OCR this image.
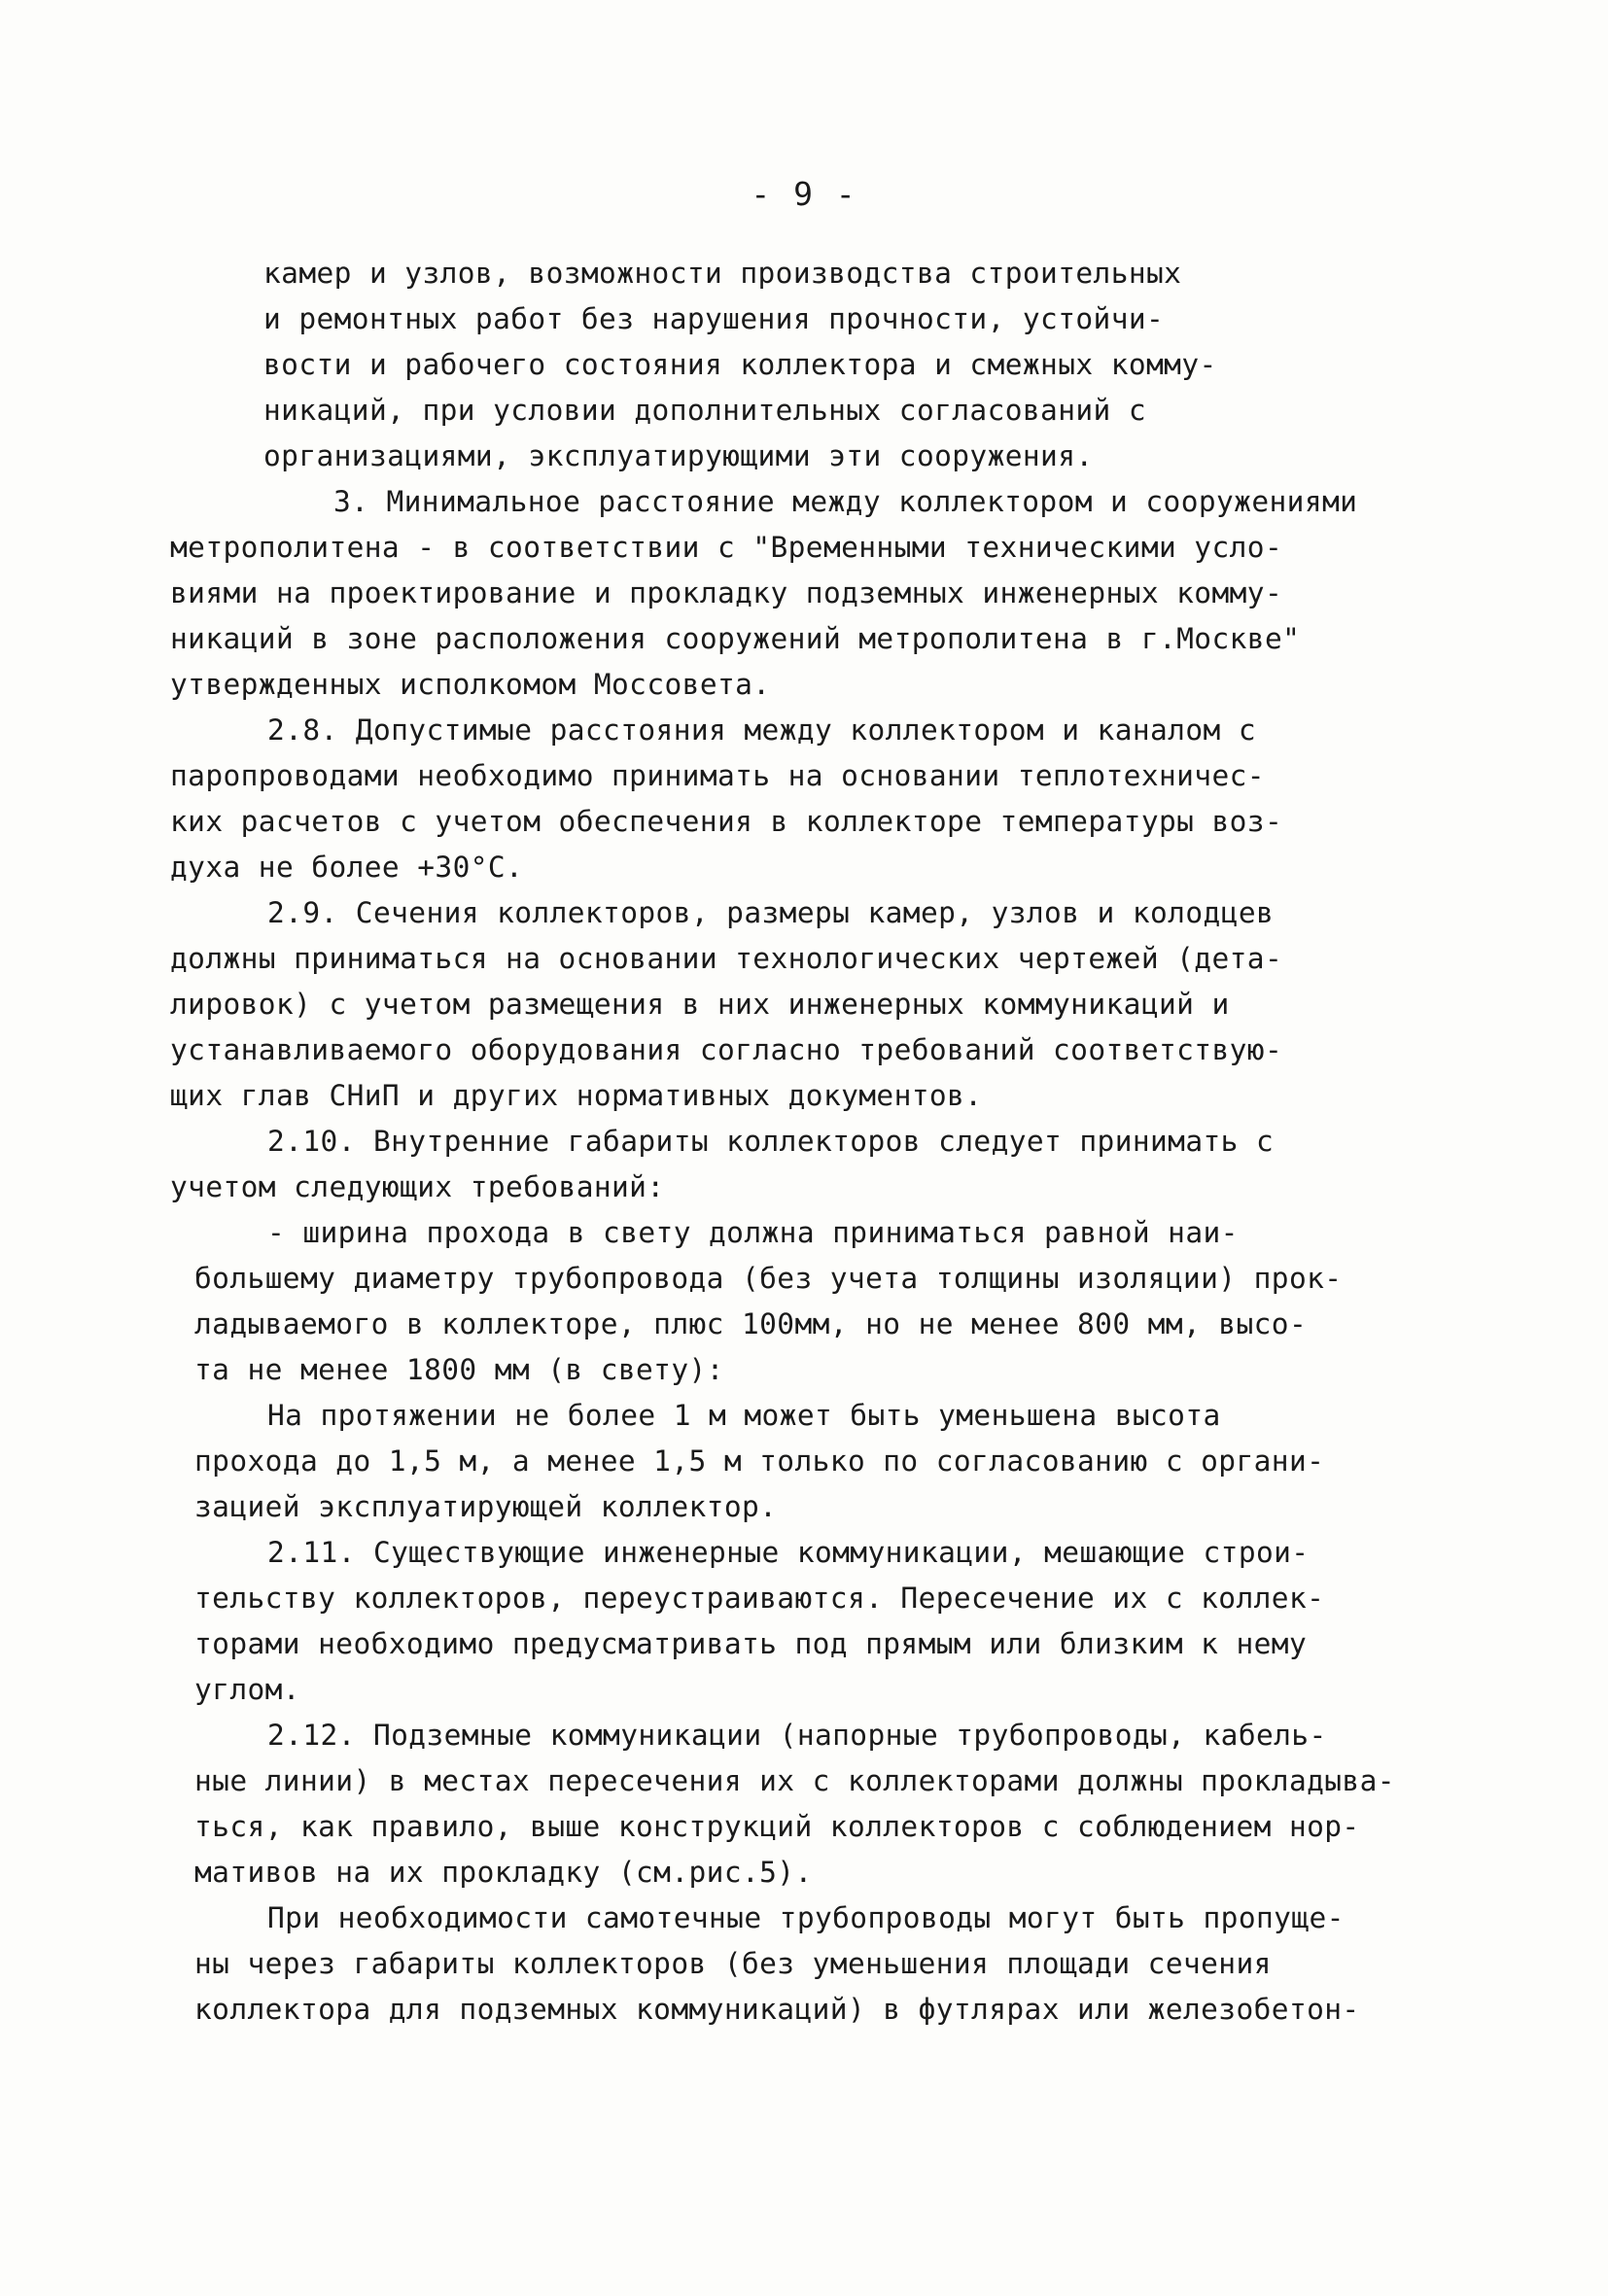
- 9 -
камер и узлов, возможности производства строительных
и ремонтных работ без нарушения прочности, устойчи-
вости и рабочего состояния коллектора и смежных комму-
никаций, при условии дополнительных согласований с
организациями, эксплуатирующими эти сооружения.
3. Минимальное расстояние между коллектором и сооружениями
метрополитена - в соответствии с "Временными техническими усло-
виями на проектирование и прокладку подземных инженерных комму-
никаций в зоне расположения сооружений метрополитена в г.Москве"
утвержденных исполкомом Моссовета.
2.8. Допустимые расстояния между коллектором и каналом с
паропроводами необходимо принимать на основании теплотехничес-
ких расчетов с учетом обеспечения в коллекторе температуры воз-
духа не более +30°С.
2.9. Сечения коллекторов, размеры камер, узлов и колодцев
должны приниматься на основании технологических чертежей (дета-
лировок) с учетом размещения в них инженерных коммуникаций и
устанавливаемого оборудования согласно требований соответствую-
щих глав СНиП и других нормативных документов.
2.10. Внутренние габариты коллекторов следует принимать с
учетом следующих требований:
- ширина прохода в свету должна приниматься равной наи-
большему диаметру трубопровода (без учета толщины изоляции) прок-
ладываемого в коллекторе, плюс 100мм, но не менее 800 мм, высо-
та не менее 1800 мм (в свету):
На протяжении не более 1 м может быть уменьшена высота
прохода до 1,5 м, а менее 1,5 м только по согласованию с органи-
зацией эксплуатирующей коллектор.
2.11. Существующие инженерные коммуникации, мешающие строи-
тельству коллекторов, переустраиваются. Пересечение их с коллек-
торами необходимо предусматривать под прямым или близким к нему
углом.
2.12. Подземные коммуникации (напорные трубопроводы, кабель-
ные линии) в местах пересечения их с коллекторами должны прокладыва-
ться, как правило, выше конструкций коллекторов с соблюдением нор-
мативов на их прокладку (см.рис.5).
При необходимости самотечные трубопроводы могут быть пропуще-
ны через габариты коллекторов (без уменьшения площади сечения
коллектора для подземных коммуникаций) в футлярах или железобетон-
